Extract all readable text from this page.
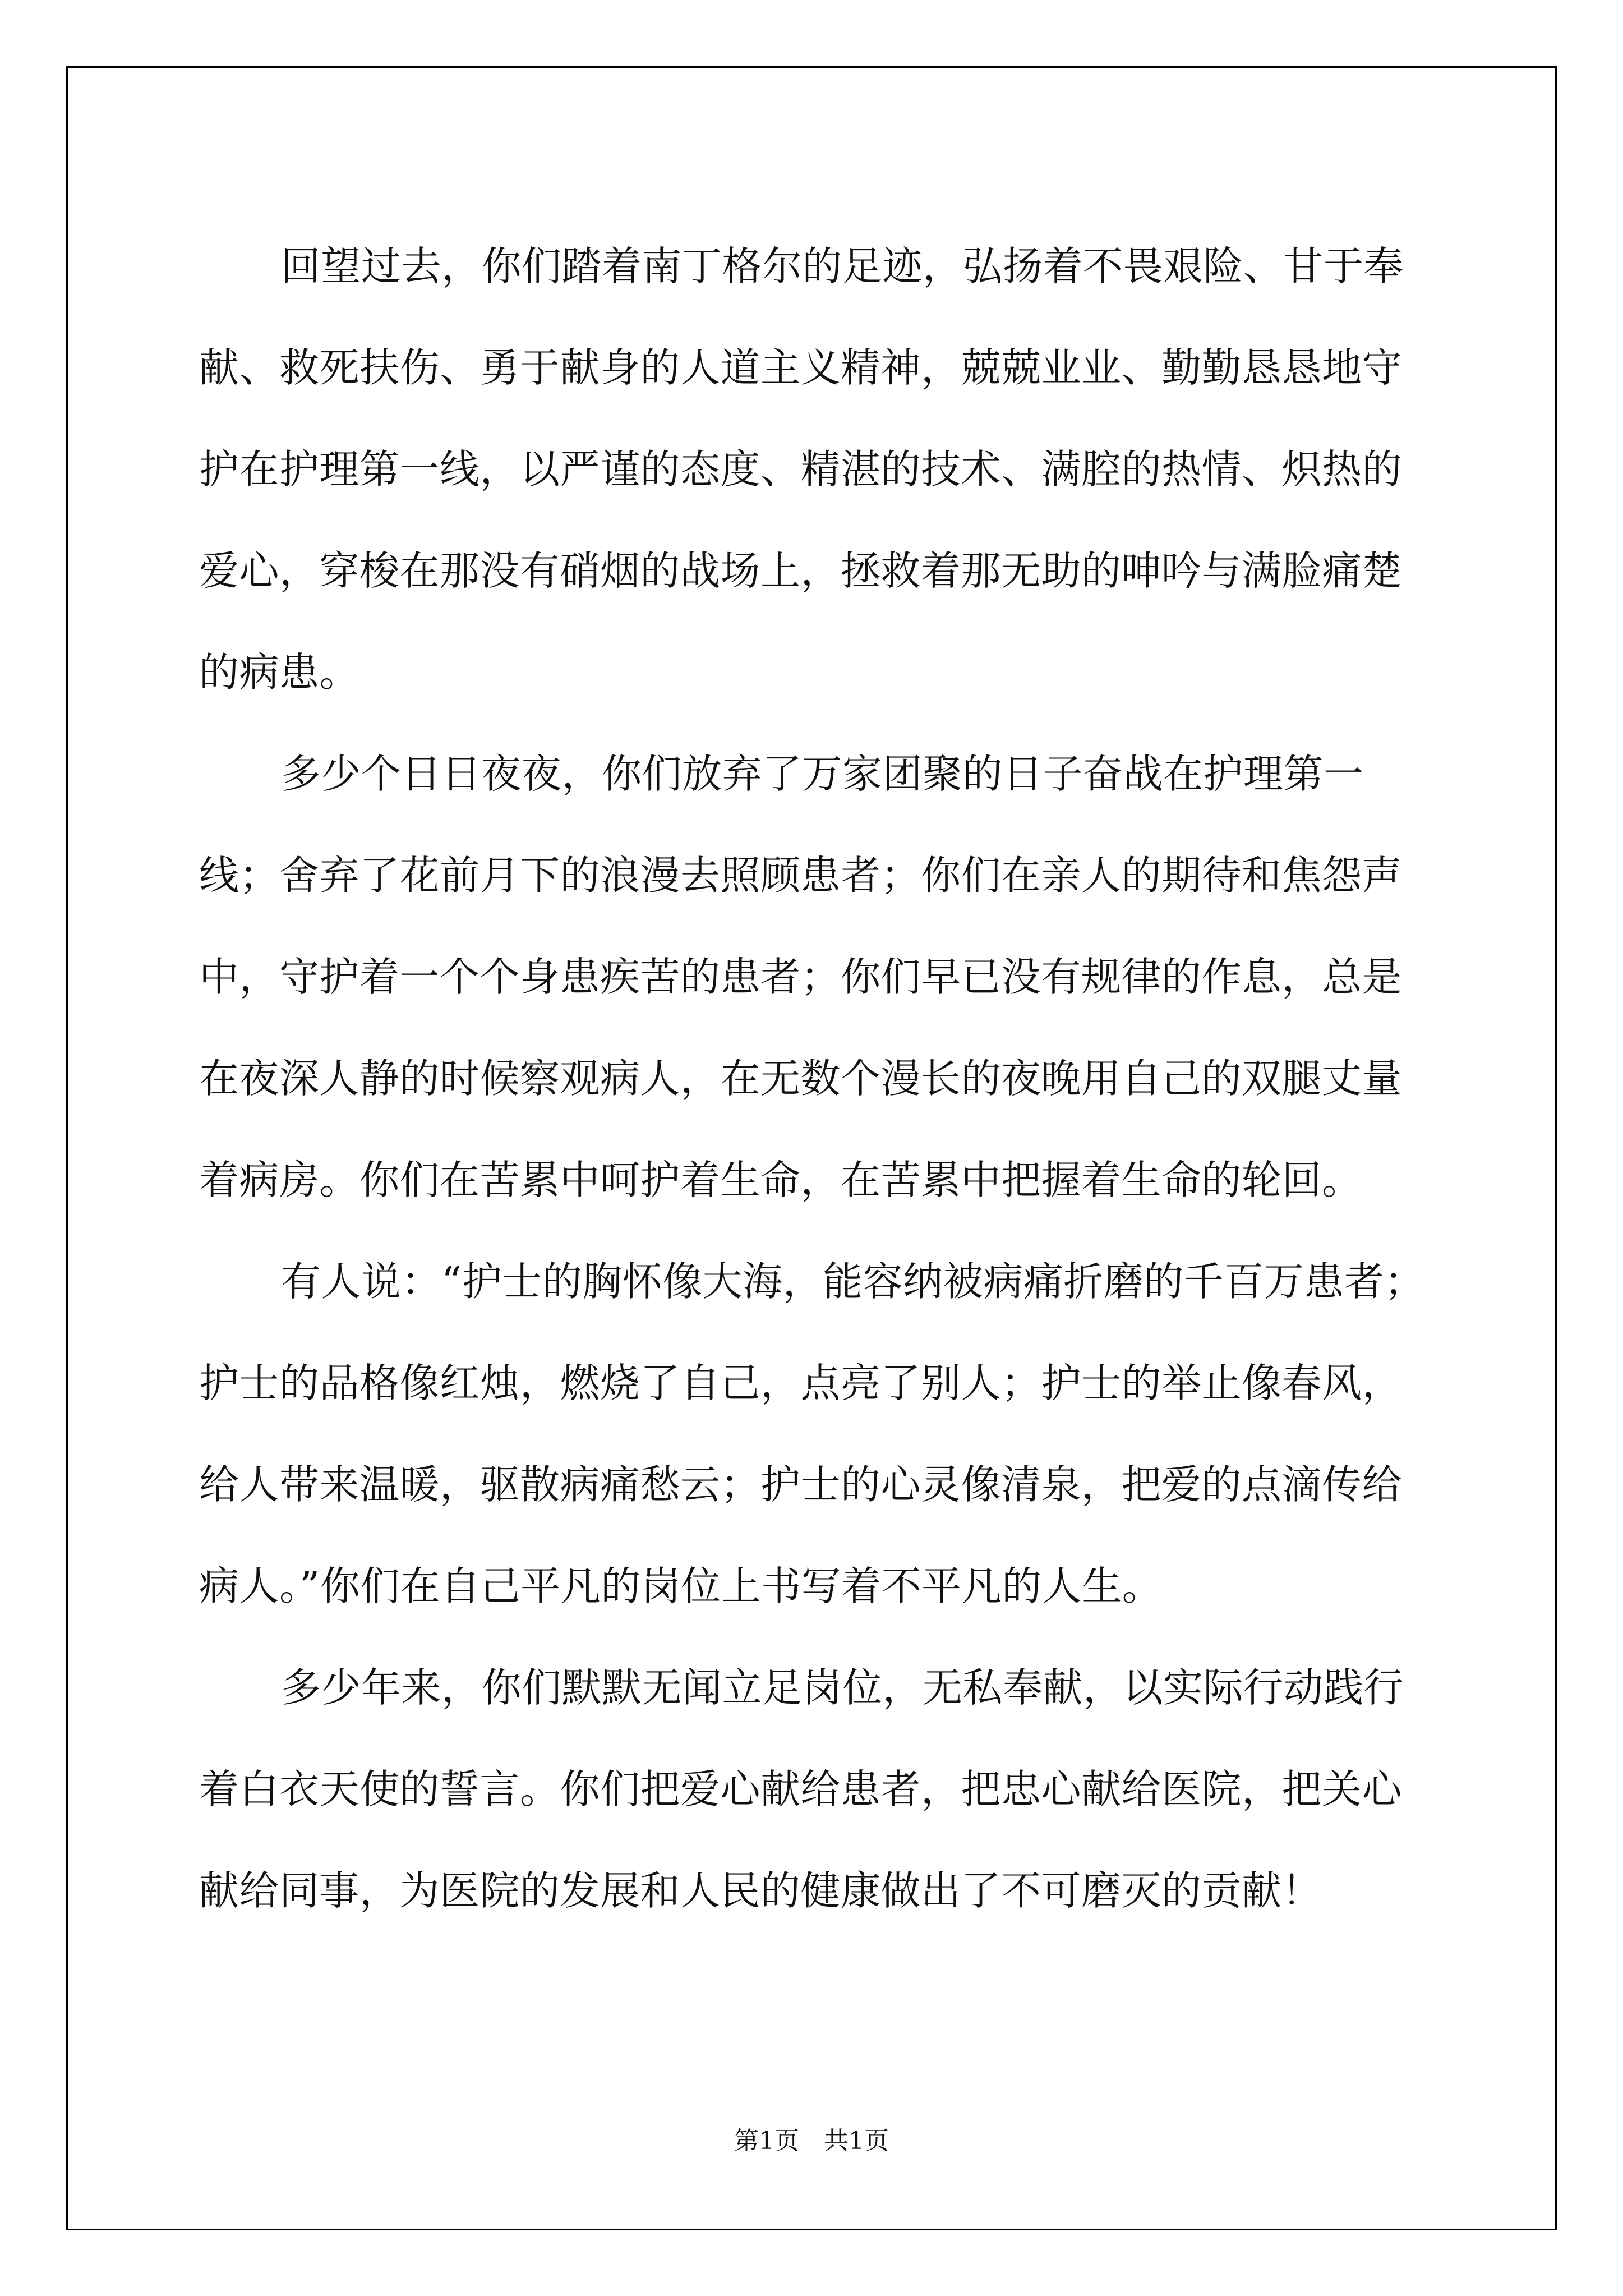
回望过去，你们踏着南丁格尔的足迹，弘扬着不畏艰险、甘于奉献、救死扶伤、勇于献身的人道主义精神，兢兢业业、勤勤恳恳地守护在护理第一线，以严谨的态度、精湛的技术、满腔的热情、炽热的爱心，穿梭在那没有硝烟的战场上，拯救着那无助的呻吟与满脸痛楚的病患。

多少个日日夜夜，你们放弃了万家团聚的日子奋战在护理第一线；舍弃了花前月下的浪漫去照顾患者；你们在亲人的期待和焦怨声中，守护着一个个身患疾苦的患者；你们早已没有规律的作息，总是在夜深人静的时候察观病人，在无数个漫长的夜晚用自己的双腿丈量着病房。你们在苦累中呵护着生命，在苦累中把握着生命的轮回。

有人说：“护士的胸怀像大海，能容纳被病痛折磨的千百万患者；护士的品格像红烛，燃烧了自己，点亮了别人；护士的举止像春风，给人带来温暖，驱散病痛愁云；护士的心灵像清泉，把爱的点滴传给病人。”你们在自己平凡的岗位上书写着不平凡的人生。

多少年来，你们默默无闻立足岗位，无私奉献，以实际行动践行着白衣天使的誓言。你们把爱心献给患者，把忠心献给医院，把关心献给同事，为医院的发展和人民的健康做出了不可磨灭的贡献！

第1页　共1页
